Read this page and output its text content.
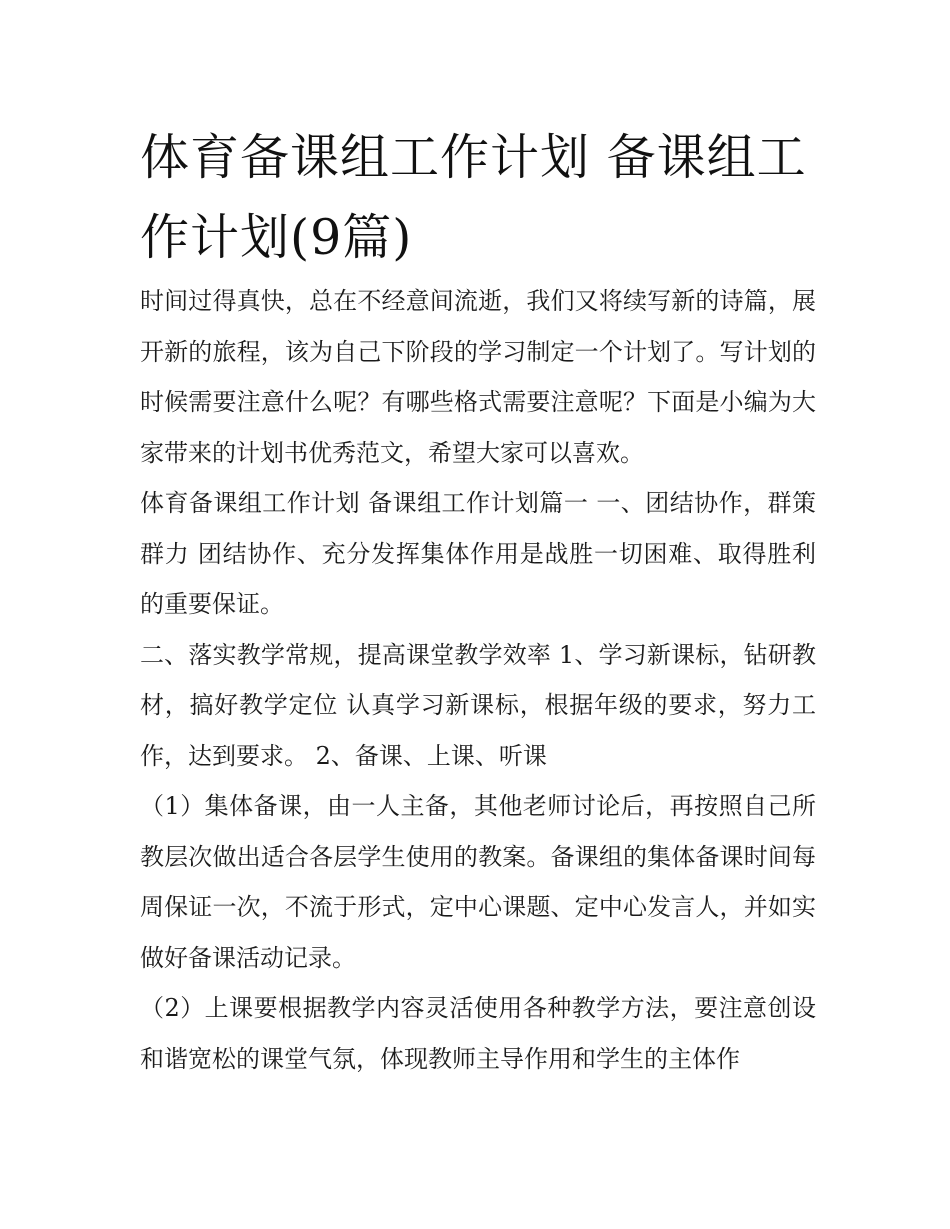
体育备课组工作计划 备课组工作计划(9篇)

时间过得真快，总在不经意间流逝，我们又将续写新的诗篇，展开新的旅程，该为自己下阶段的学习制定一个计划了。写计划的时候需要注意什么呢？有哪些格式需要注意呢？下面是小编为大家带来的计划书优秀范文，希望大家可以喜欢。

体育备课组工作计划 备课组工作计划篇一 一、团结协作，群策群力 团结协作、充分发挥集体作用是战胜一切困难、取得胜利的重要保证。

二、落实教学常规，提高课堂教学效率 1、学习新课标，钻研教材，搞好教学定位 认真学习新课标，根据年级的要求，努力工作，达到要求。 2、备课、上课、听课

（1）集体备课，由一人主备，其他老师讨论后，再按照自己所教层次做出适合各层学生使用的教案。备课组的集体备课时间每周保证一次，不流于形式，定中心课题、定中心发言人，并如实做好备课活动记录。

（2）上课要根据教学内容灵活使用各种教学方法，要注意创设和谐宽松的课堂气氛，体现教师主导作用和学生的主体作
